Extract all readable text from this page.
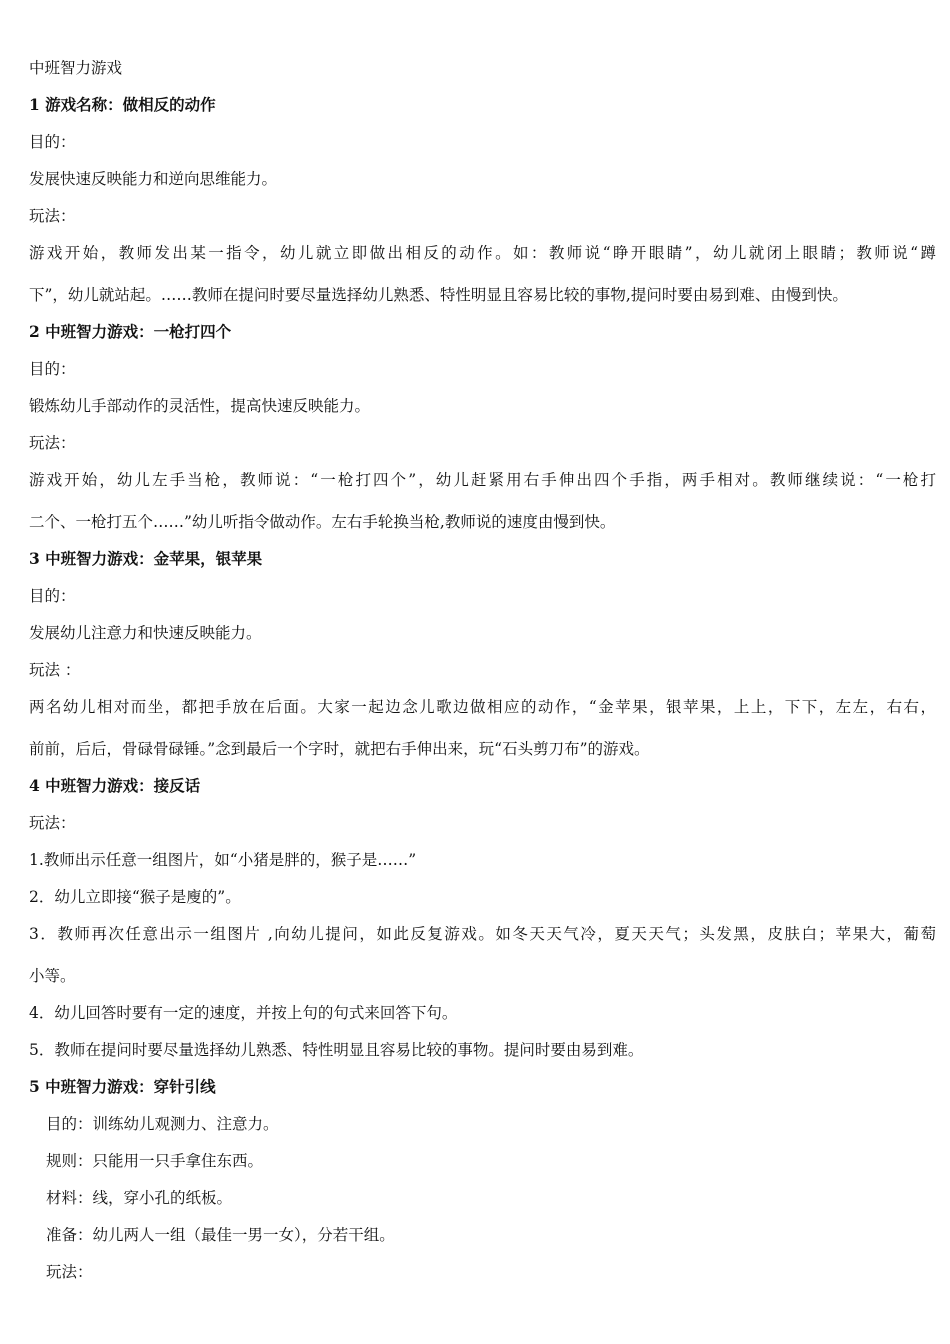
中班智力游戏

1 游戏名称：做相反的动作

目的：

发展快速反映能力和逆向思维能力。

玩法：

游戏开始，教师发出某一指令，幼儿就立即做出相反的动作。如：教师说“睁开眼睛”，幼儿就闭上眼睛；教师说“蹲

下”，幼儿就站起。……教师在提问时要尽量选择幼儿熟悉、特性明显且容易比较的事物,提问时要由易到难、由慢到快。

2 中班智力游戏：一枪打四个

目的：

锻炼幼儿手部动作的灵活性，提高快速反映能力。

玩法：

游戏开始，幼儿左手当枪，教师说：“一枪打四个”，幼儿赶紧用右手伸出四个手指，两手相对。教师继续说：“一枪打

二个、一枪打五个……”幼儿听指令做动作。左右手轮换当枪,教师说的速度由慢到快。

3 中班智力游戏：金苹果，银苹果

目的：

发展幼儿注意力和快速反映能力。

玩法 ：

两名幼儿相对而坐，都把手放在后面。大家一起边念儿歌边做相应的动作，“金苹果，银苹果，上上，下下，左左，右右，

前前，后后，骨碌骨碌锤。”念到最后一个字时，就把右手伸出来，玩“石头剪刀布”的游戏。

4 中班智力游戏：接反话

玩法：

1.教师出示任意一组图片，如“小猪是胖的，猴子是……”

2．幼儿立即接“猴子是廋的”。

3．教师再次任意出示一组图片 ,向幼儿提问，如此反复游戏。如冬天天气冷，夏天天气；头发黑，皮肤白；苹果大，葡萄

小等。

4．幼儿回答时要有一定的速度，并按上句的句式来回答下句。

5．教师在提问时要尽量选择幼儿熟悉、特性明显且容易比较的事物。提问时要由易到难。

5 中班智力游戏：穿针引线

目的：训练幼儿观测力、注意力。

规则：只能用一只手拿住东西。

材料：线，穿小孔的纸板。

准备：幼儿两人一组（最佳一男一女），分若干组。

玩法：
